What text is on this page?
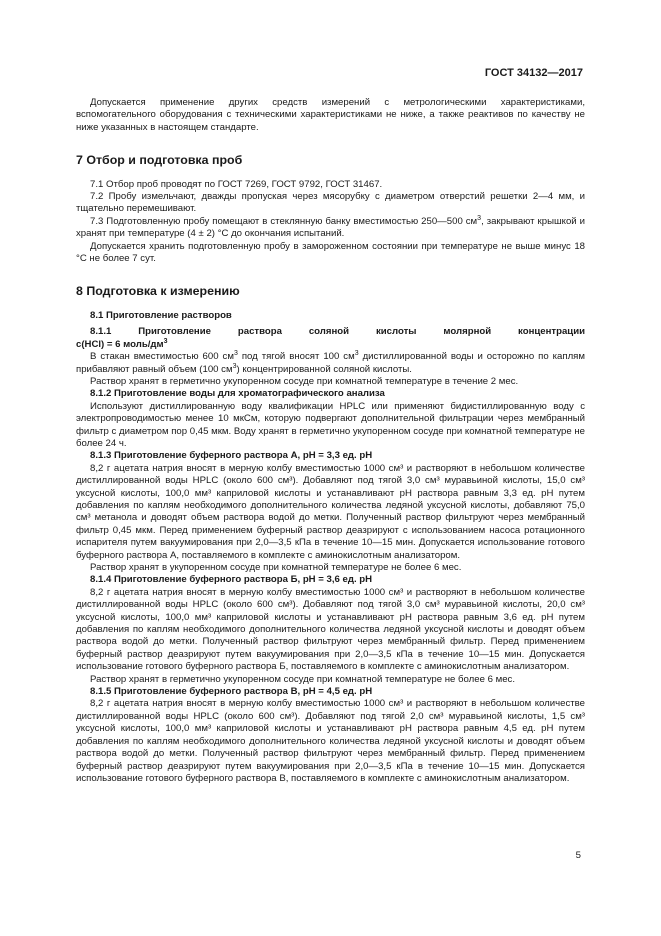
ГОСТ 34132—2017

Допускается применение других средств измерений с метрологическими характеристиками, вспомогательного оборудования с техническими характеристиками не ниже, а также реактивов по качеству не ниже указанных в настоящем стандарте.

7 Отбор и подготовка проб

7.1 Отбор проб проводят по ГОСТ 7269, ГОСТ 9792, ГОСТ 31467.

7.2 Пробу измельчают, дважды пропуская через мясорубку с диаметром отверстий решетки 2—4 мм, и тщательно перемешивают.

7.3 Подготовленную пробу помещают в стеклянную банку вместимостью 250—500 $см^3$, закрывают крышкой и хранят при температуре (4 ± 2) °С до окончания испытаний.

Допускается хранить подготовленную пробу в замороженном состоянии при температуре не выше минус 18 °С не более 7 сут.

8 Подготовка к измерению

8.1 Приготовление растворов

8.1.1 Приготовление раствора соляной кислоты молярной концентрации

c(HCl) = 6 моль/$дм^3$

В стакан вместимостью 600 $см^3$ под тягой вносят 100 $см^3$ дистиллированной воды и осторожно по каплям прибавляют равный объем (100 $см^3$) концентрированной соляной кислоты.

Раствор хранят в герметично укупоренном сосуде при комнатной температуре в течение 2 мес.

8.1.2 Приготовление воды для хроматографического анализа

Используют дистиллированную воду квалификации HPLC или применяют бидистиллированную воду с электропроводимостью менее 10 мкСм, которую подвергают дополнительной фильтрации через мембранный фильтр с диаметром пор 0,45 мкм. Воду хранят в герметично укупоренном сосуде при комнатной температуре не более 24 ч.

8.1.3 Приготовление буферного раствора А, pH = 3,3 ед. pH

8,2 г ацетата натрия вносят в мерную колбу вместимостью 1000 см³ и растворяют в небольшом количестве дистиллированной воды HPLC (около 600 см³). Добавляют под тягой 3,0 см³ муравьиной кислоты, 15,0 см³ уксусной кислоты, 100,0 мм³ каприловой кислоты и устанавливают pH раствора равным 3,3 ед. pH путем добавления по каплям необходимого дополнительного количества ледяной уксусной кислоты, добавляют 75,0 см³ метанола и доводят объем раствора водой до метки. Полученный раствор фильтруют через мембранный фильтр 0,45 мкм. Перед применением буферный раствор деазрируют с использованием насоса ротационного испарителя путем вакуумирования при 2,0—3,5 кПа в течение 10—15 мин. Допускается использование готового буферного раствора А, поставляемого в комплекте с аминокислотным анализатором.

Раствор хранят в укупоренном сосуде при комнатной температуре не более 6 мес.

8.1.4 Приготовление буферного раствора Б, pH = 3,6 ед. pH

8,2 г ацетата натрия вносят в мерную колбу вместимостью 1000 см³ и растворяют в небольшом количестве дистиллированной воды HPLC (около 600 см³). Добавляют под тягой 3,0 см³ муравьиной кислоты, 20,0 см³ уксусной кислоты, 100,0 мм³ каприловой кислоты и устанавливают pH раствора равным 3,6 ед. pH путем добавления по каплям необходимого дополнительного количества ледяной уксусной кислоты и доводят объем раствора водой до метки. Полученный раствор фильтруют через мембранный фильтр. Перед применением буферный раствор деазрируют путем вакуумирования при 2,0—3,5 кПа в течение 10—15 мин. Допускается использование готового буферного раствора Б, поставляемого в комплекте с аминокислотным анализатором.

Раствор хранят в герметично укупоренном сосуде при комнатной температуре не более 6 мес.

8.1.5 Приготовление буферного раствора В, pH = 4,5 ед. pH

8,2 г ацетата натрия вносят в мерную колбу вместимостью 1000 см³ и растворяют в небольшом количестве дистиллированной воды HPLC (около 600 см³). Добавляют под тягой 2,0 см³ муравьиной кислоты, 1,5 см³ уксусной кислоты, 100,0 мм³ каприловой кислоты и устанавливают pH раствора равным 4,5 ед. pH путем добавления по каплям необходимого дополнительного количества ледяной уксусной кислоты и доводят объем раствора водой до метки. Полученный раствор фильтруют через мембранный фильтр. Перед применением буферный раствор деазрируют путем вакуумирования при 2,0—3,5 кПа в течение 10—15 мин. Допускается использование готового буферного раствора В, поставляемого в комплекте с аминокислотным анализатором.

5
